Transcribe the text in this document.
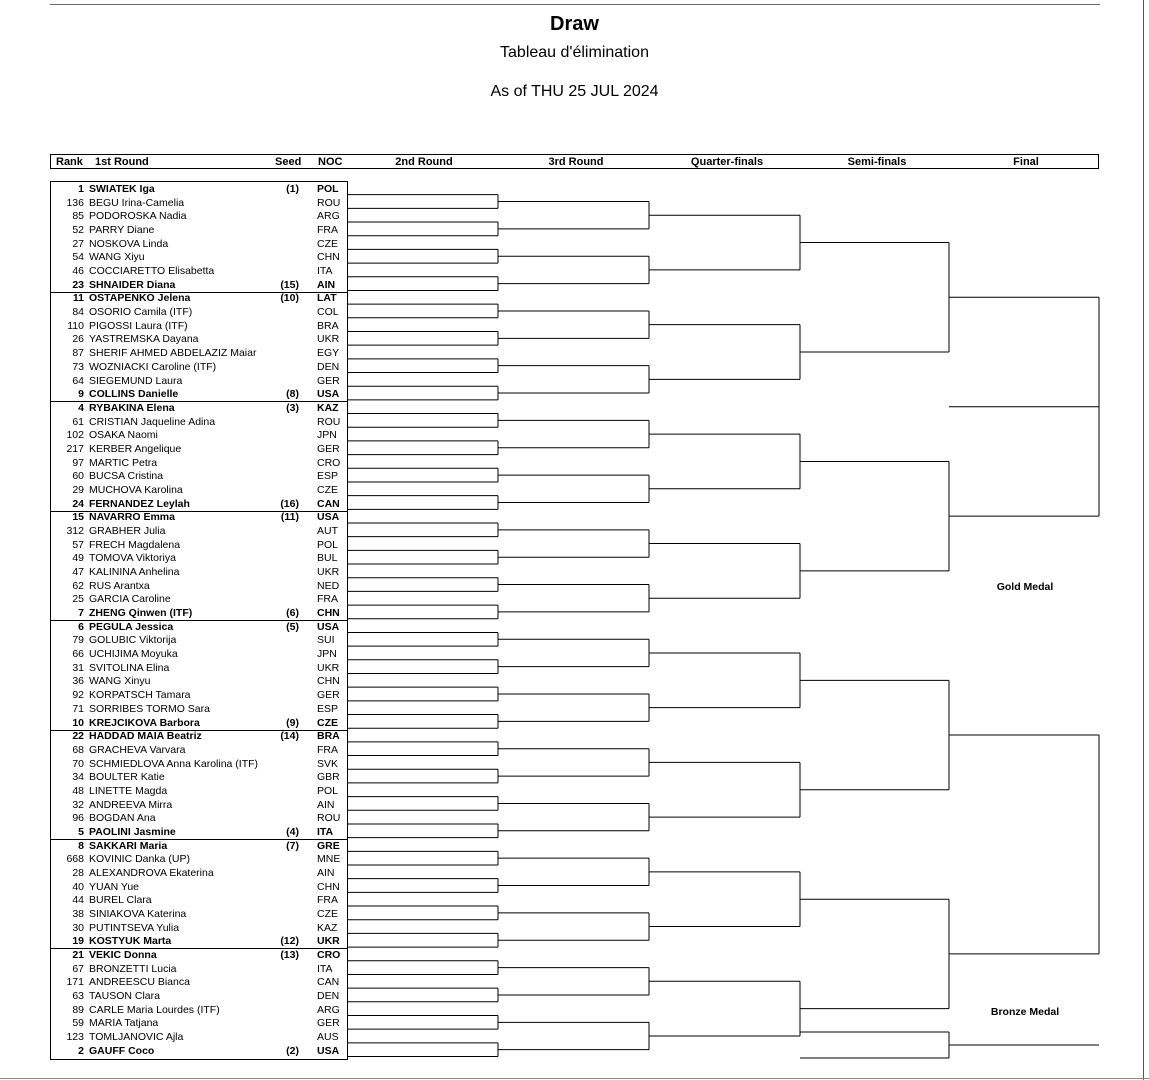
Draw
Tableau d'élimination
As of THU 25 JUL 2024
Rank 1st Round	Seed NOC	2nd Round	3rd Round	Quarter-finals	Semi-finals	Final
1 SWIATEK Iga	(1) POL
136 BEGU Irina-Camelia	ROU
85 PODOROSKA Nadia	ARG
52 PARRY Diane	FRA
27 NOSKOVA Linda	CZE
54 WANG Xiyu	CHN
46 COCCIARETTO Elisabetta	ITA
23 SHNAIDER Diana	(15) AIN
11 OSTAPENKO Jelena	(10) LAT
84 OSORIO Camila (ITF)	COL
110 PIGOSSI Laura (ITF)	BRA
26 YASTREMSKA Dayana	UKR
87 SHERIF AHMED ABDELAZIZ Maiar	EGY
73 WOZNIACKI Caroline (ITF)	DEN
64 SIEGEMUND Laura	GER
9 COLLINS Danielle	(8) USA
4 RYBAKINA Elena	(3) KAZ
61 CRISTIAN Jaqueline Adina	ROU
102 OSAKA Naomi	JPN
217 KERBER Angelique	GER
97 MARTIC Petra	CRO
60 BUCSA Cristina	ESP
29 MUCHOVA Karolina	CZE
24 FERNANDEZ Leylah	(16) CAN
15 NAVARRO Emma	(11) USA
312 GRABHER Julia	AUT
57 FRECH Magdalena	POL
49 TOMOVA Viktoriya	BUL
47 KALININA Anhelina	UKR
62 RUS Arantxa	NED
25 GARCIA Caroline	FRA
7 ZHENG Qinwen (ITF)	(6) CHN
6 PEGULA Jessica	(5) USA
79 GOLUBIC Viktorija	SUI
66 UCHIJIMA Moyuka	JPN
31 SVITOLINA Elina	UKR
36 WANG Xinyu	CHN
92 KORPATSCH Tamara	GER
71 SORRIBES TORMO Sara	ESP
10 KREJCIKOVA Barbora	(9) CZE
22 HADDAD MAIA Beatriz	(14) BRA
68 GRACHEVA Varvara	FRA
70 SCHMIEDLOVA Anna Karolina (ITF)	SVK
34 BOULTER Katie	GBR
48 LINETTE Magda	POL
32 ANDREEVA Mirra	AIN
96 BOGDAN Ana	ROU
5 PAOLINI Jasmine	(4) ITA
8 SAKKARI Maria	(7) GRE
668 KOVINIC Danka (UP)	MNE
28 ALEXANDROVA Ekaterina	AIN
40 YUAN Yue	CHN
44 BUREL Clara	FRA
38 SINIAKOVA Katerina	CZE
30 PUTINTSEVA Yulia	KAZ
19 KOSTYUK Marta	(12) UKR
21 VEKIC Donna	(13) CRO
67 BRONZETTI Lucia	ITA
171 ANDREESCU Bianca	CAN
63 TAUSON Clara	DEN
89 CARLE Maria Lourdes (ITF)	ARG
59 MARIA Tatjana	GER
123 TOMLJANOVIC Ajla	AUS
2 GAUFF Coco	(2) USA
Gold Medal
Bronze Medal
